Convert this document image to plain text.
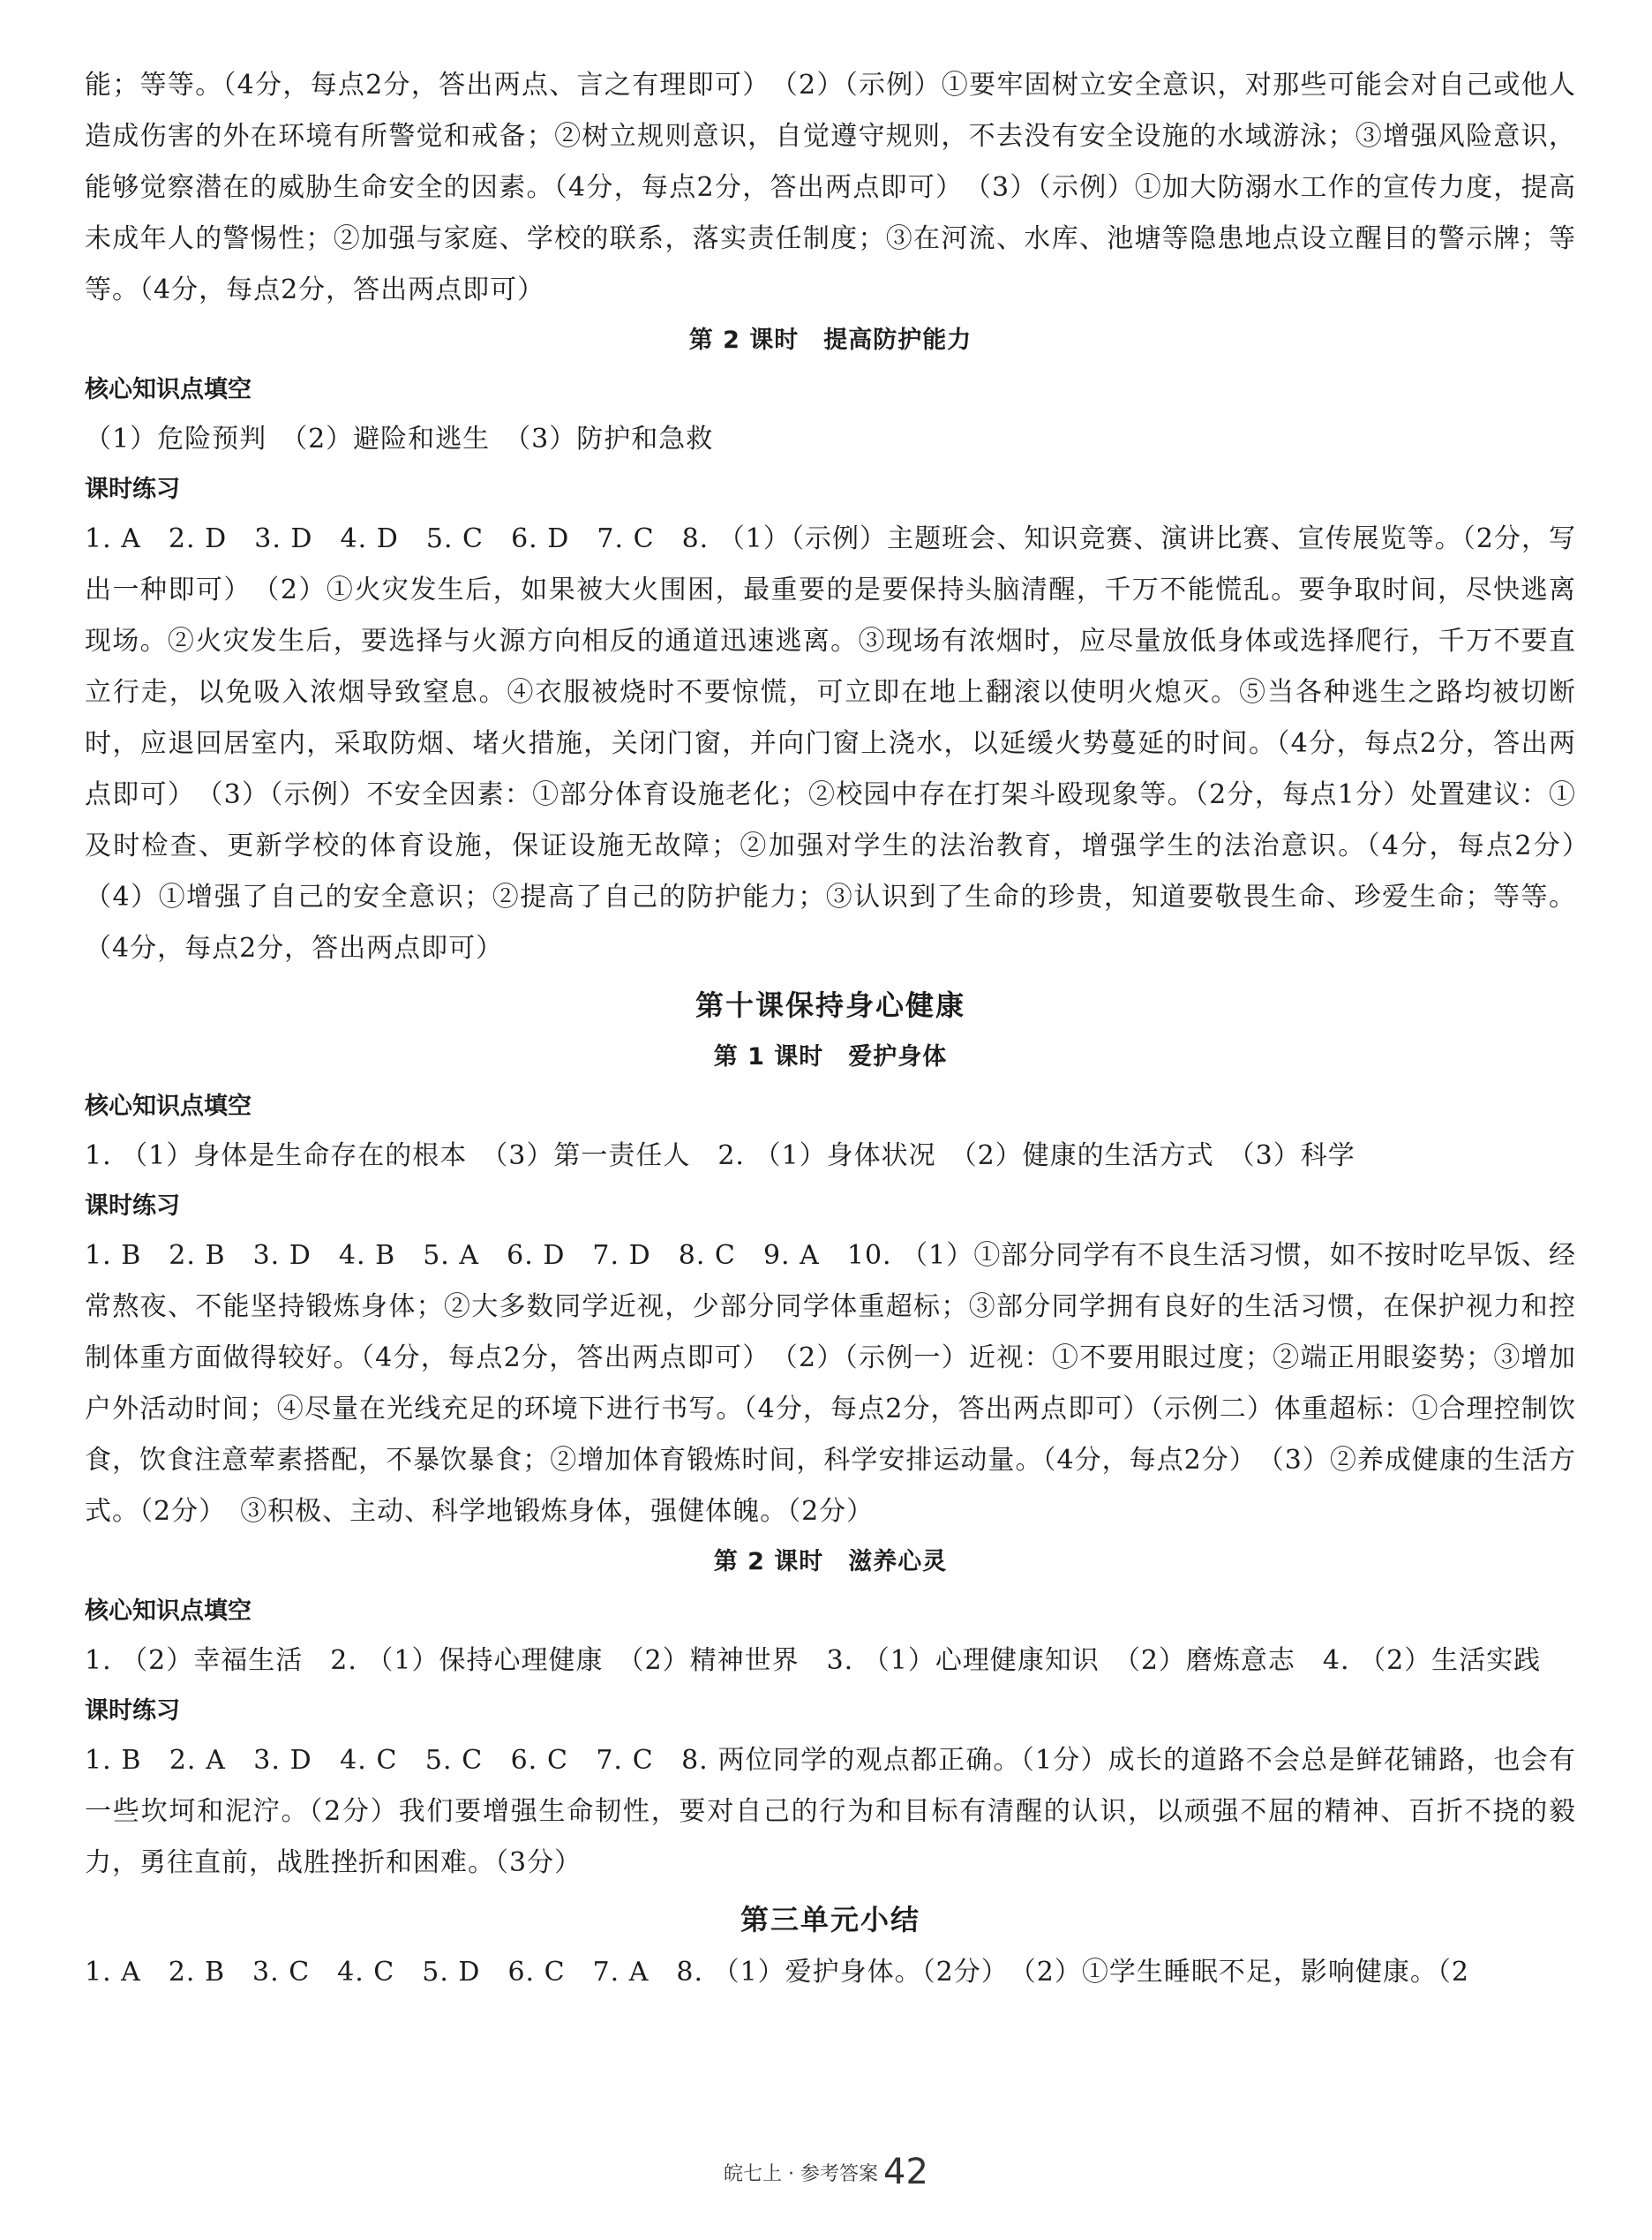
能；等等。（4分，每点2分，答出两点、言之有理即可）　（2）（示例）①要牢固树立安全意识，对那些可能会对自己或他人造成伤害的外在环境有所警觉和戒备；②树立规则意识，自觉遵守规则，不去没有安全设施的水域游泳；③增强风险意识，能够觉察潜在的威胁生命安全的因素。（4分，每点2分，答出两点即可）　（3）（示例）①加大防溺水工作的宣传力度，提高未成年人的警惕性；②加强与家庭、学校的联系，落实责任制度；③在河流、水库、池塘等隐患地点设立醒目的警示牌；等等。（4分，每点2分，答出两点即可）

第 2 课时 提高防护能力

核心知识点填空

（1）危险预判　（2）避险和逃生　（3）防护和急救

课时练习

1. A　2. D　3. D　4. D　5. C　6. D　7. C　8. （1）（示例）主题班会、知识竞赛、演讲比赛、宣传展览等。（2分，写出一种即可）　（2）①火灾发生后，如果被大火围困，最重要的是要保持头脑清醒，千万不能慌乱。要争取时间，尽快逃离现场。②火灾发生后，要选择与火源方向相反的通道迅速逃离。③现场有浓烟时，应尽量放低身体或选择爬行，千万不要直立行走，以免吸入浓烟导致窒息。④衣服被烧时不要惊慌，可立即在地上翻滚以使明火熄灭。⑤当各种逃生之路均被切断时，应退回居室内，采取防烟、堵火措施，关闭门窗，并向门窗上浇水，以延缓火势蔓延的时间。（4分，每点2分，答出两点即可）　（3）（示例）不安全因素：①部分体育设施老化；②校园中存在打架斗殴现象等。（2分，每点1分）处置建议：①及时检查、更新学校的体育设施，保证设施无故障；②加强对学生的法治教育，增强学生的法治意识。（4分，每点2分）　（4）①增强了自己的安全意识；②提高了自己的防护能力；③认识到了生命的珍贵，知道要敬畏生命、珍爱生命；等等。（4分，每点2分，答出两点即可）

第十课保持身心健康

第 1 课时 爱护身体

核心知识点填空

1. （1）身体是生命存在的根本　（3）第一责任人　2. （1）身体状况　（2）健康的生活方式　（3）科学

课时练习

1. B　2. B　3. D　4. B　5. A　6. D　7. D　8. C　9. A　10. （1）①部分同学有不良生活习惯，如不按时吃早饭、经常熬夜、不能坚持锻炼身体；②大多数同学近视，少部分同学体重超标；③部分同学拥有良好的生活习惯，在保护视力和控制体重方面做得较好。（4分，每点2分，答出两点即可）　（2）（示例一）近视：①不要用眼过度；②端正用眼姿势；③增加户外活动时间；④尽量在光线充足的环境下进行书写。（4分，每点2分，答出两点即可）（示例二）体重超标：①合理控制饮食，饮食注意荤素搭配，不暴饮暴食；②增加体育锻炼时间，科学安排运动量。（4分，每点2分）　（3）②养成健康的生活方式。（2分）　③积极、主动、科学地锻炼身体，强健体魄。（2分）

第 2 课时 滋养心灵

核心知识点填空

1. （2）幸福生活　2. （1）保持心理健康　（2）精神世界　3. （1）心理健康知识　（2）磨炼意志　4. （2）生活实践

课时练习

1. B　2. A　3. D　4. C　5. C　6. C　7. C　8. 两位同学的观点都正确。（1分）成长的道路不会总是鲜花铺路，也会有一些坎坷和泥泞。（2分）我们要增强生命韧性，要对自己的行为和目标有清醒的认识，以顽强不屈的精神、百折不挠的毅力，勇往直前，战胜挫折和困难。（3分）

第三单元小结

1. A　2. B　3. C　4. C　5. D　6. C　7. A　8. （1）爱护身体。（2分）　（2）①学生睡眠不足，影响健康。（2

皖七上 · 参考答案 42
